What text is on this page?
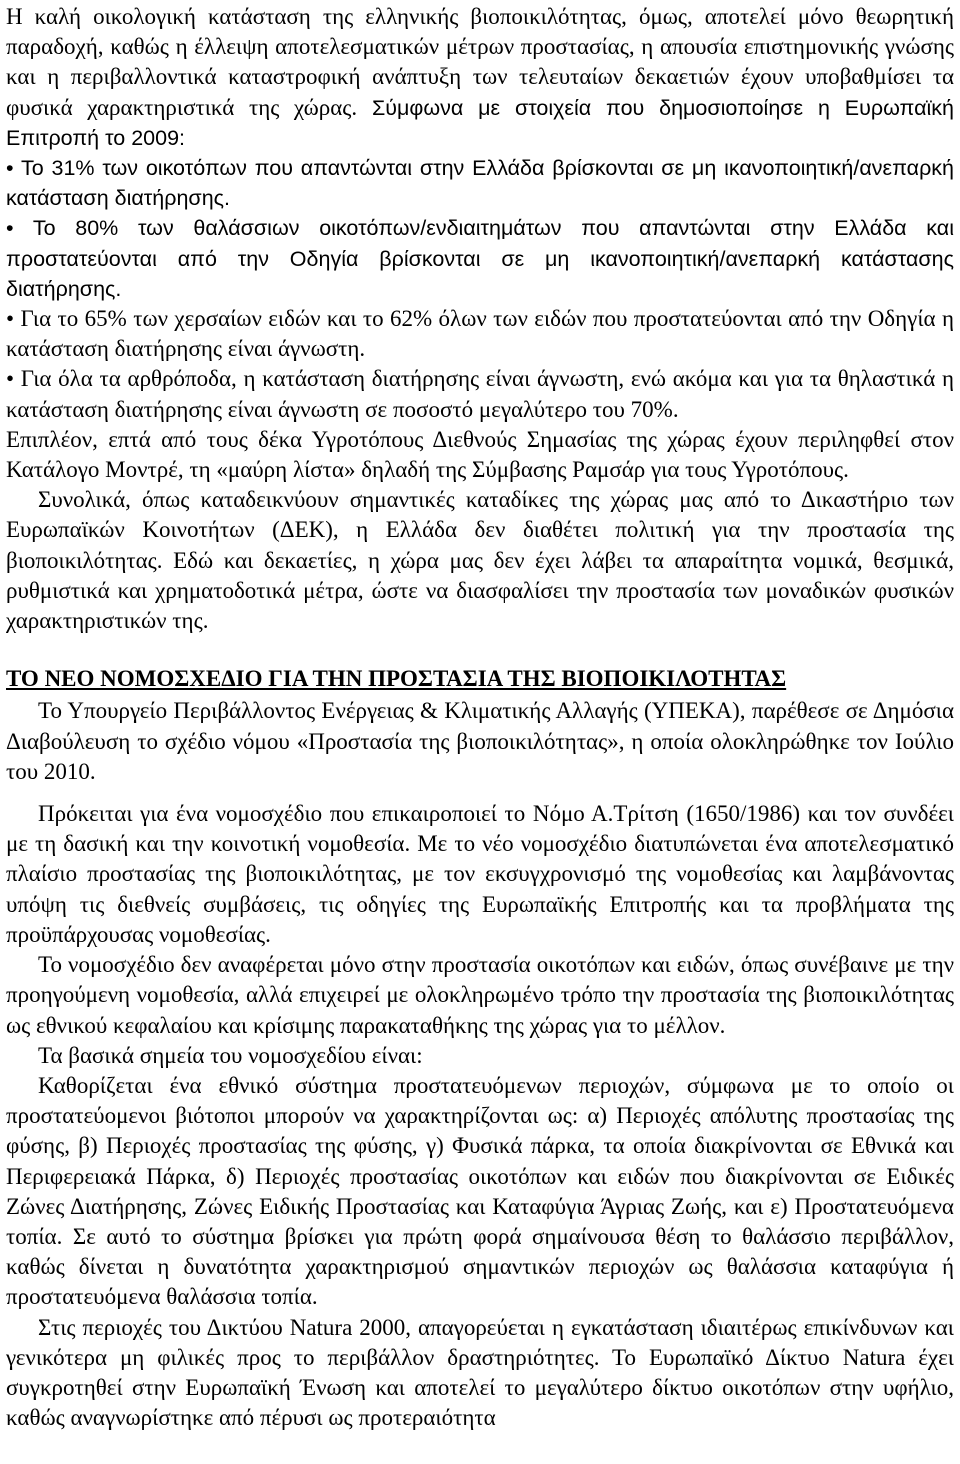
Η καλή οικολογική κατάσταση της ελληνικής βιοποικιλότητας, όμως, αποτελεί μόνο θεωρητική παραδοχή, καθώς η έλλειψη αποτελεσματικών μέτρων προστασίας, η απουσία επιστημονικής γνώσης και η περιβαλλοντικά καταστροφική ανάπτυξη των τελευταίων δεκαετιών έχουν υποβαθμίσει τα φυσικά χαρακτηριστικά της χώρας. Σύμφωνα με στοιχεία που δημοσιοποίησε η Ευρωπαϊκή Επιτροπή το 2009:

• Το 31% των οικοτόπων που απαντώνται στην Ελλάδα βρίσκονται σε μη ικανοποιητική/ανεπαρκή κατάσταση διατήρησης.

• Το 80% των θαλάσσιων οικοτόπων/ενδιαιτημάτων που απαντώνται στην Ελλάδα και προστατεύονται από την Οδηγία βρίσκονται σε μη ικανοποιητική/ανεπαρκή κατάστασης διατήρησης.

• Για το 65% των χερσαίων ειδών και το 62% όλων των ειδών που προστατεύονται από την Οδηγία η κατάσταση διατήρησης είναι άγνωστη.

• Για όλα τα αρθρόποδα, η κατάσταση διατήρησης είναι άγνωστη, ενώ ακόμα και για τα θηλαστικά η κατάσταση διατήρησης είναι άγνωστη σε ποσοστό μεγαλύτερο του 70%.

Επιπλέον, επτά από τους δέκα Υγροτόπους Διεθνούς Σημασίας της χώρας έχουν περιληφθεί στον Κατάλογο Μοντρέ, τη «μαύρη λίστα» δηλαδή της Σύμβασης Ραμσάρ για τους Υγροτόπους.

Συνολικά, όπως καταδεικνύουν σημαντικές καταδίκες της χώρας μας από το Δικαστήριο των Ευρωπαϊκών Κοινοτήτων (ΔΕΚ), η Ελλάδα δεν διαθέτει πολιτική για την προστασία της βιοποικιλότητας. Εδώ και δεκαετίες, η χώρα μας δεν έχει λάβει τα απαραίτητα νομικά, θεσμικά, ρυθμιστικά και χρηματοδοτικά μέτρα, ώστε να διασφαλίσει την προστασία των μοναδικών φυσικών χαρακτηριστικών της.

ΤΟ ΝΕΟ ΝΟΜΟΣΧΕΔΙΟ ΓΙΑ ΤΗΝ ΠΡΟΣΤΑΣΙΑ ΤΗΣ ΒΙΟΠΟΙΚΙΛΟΤΗΤΑΣ

Το Υπουργείο Περιβάλλοντος Ενέργειας & Κλιματικής Αλλαγής (ΥΠΕΚΑ), παρέθεσε σε Δημόσια Διαβούλευση το σχέδιο νόμου «Προστασία της βιοποικιλότητας», η οποία ολοκληρώθηκε τον Ιούλιο του 2010.

Πρόκειται για ένα νομοσχέδιο που επικαιροποιεί το Νόμο Α.Τρίτση (1650/1986) και τον συνδέει με τη δασική και την κοινοτική νομοθεσία. Με το νέο νομοσχέδιο διατυπώνεται ένα αποτελεσματικό πλαίσιο προστασίας της βιοποικιλότητας, με τον εκσυγχρονισμό της νομοθεσίας και λαμβάνοντας υπόψη τις διεθνείς συμβάσεις, τις οδηγίες της Ευρωπαϊκής Επιτροπής και τα προβλήματα της προϋπάρχουσας νομοθεσίας.

Το νομοσχέδιο δεν αναφέρεται μόνο στην προστασία οικοτόπων και ειδών, όπως συνέβαινε με την προηγούμενη νομοθεσία, αλλά επιχειρεί με ολοκληρωμένο τρόπο την προστασία της βιοποικιλότητας ως εθνικού κεφαλαίου και κρίσιμης παρακαταθήκης της χώρας για το μέλλον.

Τα βασικά σημεία του νομοσχεδίου είναι:

Καθορίζεται ένα εθνικό σύστημα προστατευόμενων περιοχών, σύμφωνα με το οποίο οι προστατεύομενοι βιότοποι μπορούν να χαρακτηρίζονται ως: α) Περιοχές απόλυτης προστασίας της φύσης, β) Περιοχές προστασίας της φύσης, γ) Φυσικά πάρκα, τα οποία διακρίνονται σε Εθνικά και Περιφερειακά Πάρκα, δ) Περιοχές προστασίας οικοτόπων και ειδών που διακρίνονται σε Ειδικές Ζώνες Διατήρησης, Ζώνες Ειδικής Προστασίας και Καταφύγια Άγριας Ζωής, και ε) Προστατευόμενα τοπία. Σε αυτό το σύστημα βρίσκει για πρώτη φορά σημαίνουσα θέση το θαλάσσιο περιβάλλον, καθώς δίνεται η δυνατότητα χαρακτηρισμού σημαντικών περιοχών ως θαλάσσια καταφύγια ή προστατευόμενα θαλάσσια τοπία.

Στις περιοχές του Δικτύου Natura 2000, απαγορεύεται η εγκατάσταση ιδιαιτέρως επικίνδυνων και γενικότερα μη φιλικές προς το περιβάλλον δραστηριότητες. Το Ευρωπαϊκό Δίκτυο Natura έχει συγκροτηθεί στην Ευρωπαϊκή Ένωση και αποτελεί το μεγαλύτερο δίκτυο οικοτόπων στην υφήλιο, καθώς αναγνωρίστηκε από πέρυσι ως προτεραιότητα
